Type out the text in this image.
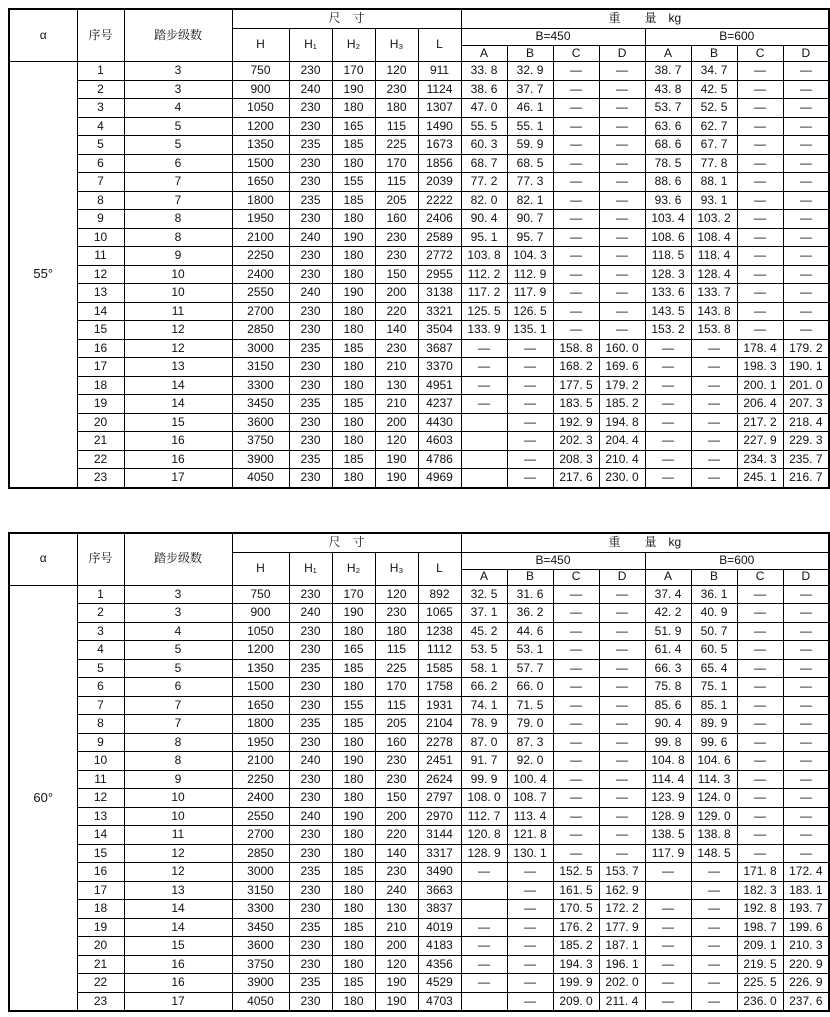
α	序号	踏步级数	尺　寸					重　　量　kg							
			H	H₁	H₂	H₃	L	B=450				B=600			
								A	B	C	D	A	B	C	D
55°	1	3	750	230	170	120	911	33. 8	32. 9	—	—	38. 7	34. 7	—	—
	2	3	900	240	190	230	1124	38. 6	37. 7	—	—	43. 8	42. 5	—	—
	3	4	1050	230	180	180	1307	47. 0	46. 1	—	—	53. 7	52. 5	—	—
	4	5	1200	230	165	115	1490	55. 5	55. 1	—	—	63. 6	62. 7	—	—
	5	5	1350	235	185	225	1673	60. 3	59. 9	—	—	68. 6	67. 7	—	—
	6	6	1500	230	180	170	1856	68. 7	68. 5	—	—	78. 5	77. 8	—	—
	7	7	1650	230	155	115	2039	77. 2	77. 3	—	—	88. 6	88. 1	—	—
	8	7	1800	235	185	205	2222	82. 0	82. 1	—	—	93. 6	93. 1	—	—
	9	8	1950	230	180	160	2406	90. 4	90. 7	—	—	103. 4	103. 2	—	—
	10	8	2100	240	190	230	2589	95. 1	95. 7	—	—	108. 6	108. 4	—	—
	11	9	2250	230	180	230	2772	103. 8	104. 3	—	—	118. 5	118. 4	—	—
	12	10	2400	230	180	150	2955	112. 2	112. 9	—	—	128. 3	128. 4	—	—
	13	10	2550	240	190	200	3138	117. 2	117. 9	—	—	133. 6	133. 7	—	—
	14	11	2700	230	180	220	3321	125. 5	126. 5	—	—	143. 5	143. 8	—	—
	15	12	2850	230	180	140	3504	133. 9	135. 1	—	—	153. 2	153. 8	—	—
	16	12	3000	235	185	230	3687	—	—	158. 8	160. 0	—	—	178. 4	179. 2
	17	13	3150	230	180	210	3370	—	—	168. 2	169. 6	—	—	198. 3	190. 1
	18	14	3300	230	180	130	4951	—	—	177. 5	179. 2	—	—	200. 1	201. 0
	19	14	3450	235	185	210	4237	—	—	183. 5	185. 2	—	—	206. 4	207. 3
	20	15	3600	230	180	200	4430		—	192. 9	194. 8	—	—	217. 2	218. 4
	21	16	3750	230	180	120	4603		—	202. 3	204. 4	—	—	227. 9	229. 3
	22	16	3900	235	185	190	4786		—	208. 3	210. 4	—	—	234. 3	235. 7
	23	17	4050	230	180	190	4969		—	217. 6	230. 0	—	—	245. 1	216. 7
α	序号	踏步级数	尺　寸					重　　量　kg							
			H	H₁	H₂	H₃	L	B=450				B=600			
								A	B	C	D	A	B	C	D
60°	1	3	750	230	170	120	892	32. 5	31. 6	—	—	37. 4	36. 1	—	—
	2	3	900	240	190	230	1065	37. 1	36. 2	—	—	42. 2	40. 9	—	—
	3	4	1050	230	180	180	1238	45. 2	44. 6	—	—	51. 9	50. 7	—	—
	4	5	1200	230	165	115	1112	53. 5	53. 1	—	—	61. 4	60. 5	—	—
	5	5	1350	235	185	225	1585	58. 1	57. 7	—	—	66. 3	65. 4	—	—
	6	6	1500	230	180	170	1758	66. 2	66. 0	—	—	75. 8	75. 1	—	—
	7	7	1650	230	155	115	1931	74. 1	71. 5	—	—	85. 6	85. 1	—	—
	8	7	1800	235	185	205	2104	78. 9	79. 0	—	—	90. 4	89. 9	—	—
	9	8	1950	230	180	160	2278	87. 0	87. 3	—	—	99. 8	99. 6	—	—
	10	8	2100	240	190	230	2451	91. 7	92. 0	—	—	104. 8	104. 6	—	—
	11	9	2250	230	180	230	2624	99. 9	100. 4	—	—	114. 4	114. 3	—	—
	12	10	2400	230	180	150	2797	108. 0	108. 7	—	—	123. 9	124. 0	—	—
	13	10	2550	240	190	200	2970	112. 7	113. 4	—	—	128. 9	129. 0	—	—
	14	11	2700	230	180	220	3144	120. 8	121. 8	—	—	138. 5	138. 8	—	—
	15	12	2850	230	180	140	3317	128. 9	130. 1	—	—	117. 9	148. 5	—	—
	16	12	3000	235	185	230	3490	—	—	152. 5	153. 7	—	—	171. 8	172. 4
	17	13	3150	230	180	240	3663		—	161. 5	162. 9		—	182. 3	183. 1
	18	14	3300	230	180	130	3837		—	170. 5	172. 2	—	—	192. 8	193. 7
	19	14	3450	235	185	210	4019	—	—	176. 2	177. 9	—	—	198. 7	199. 6
	20	15	3600	230	180	200	4183	—	—	185. 2	187. 1	—	—	209. 1	210. 3
	21	16	3750	230	180	120	4356	—	—	194. 3	196. 1	—	—	219. 5	220. 9
	22	16	3900	235	185	190	4529	—	—	199. 9	202. 0	—	—	225. 5	226. 9
	23	17	4050	230	180	190	4703		—	209. 0	211. 4	—	—	236. 0	237. 6
